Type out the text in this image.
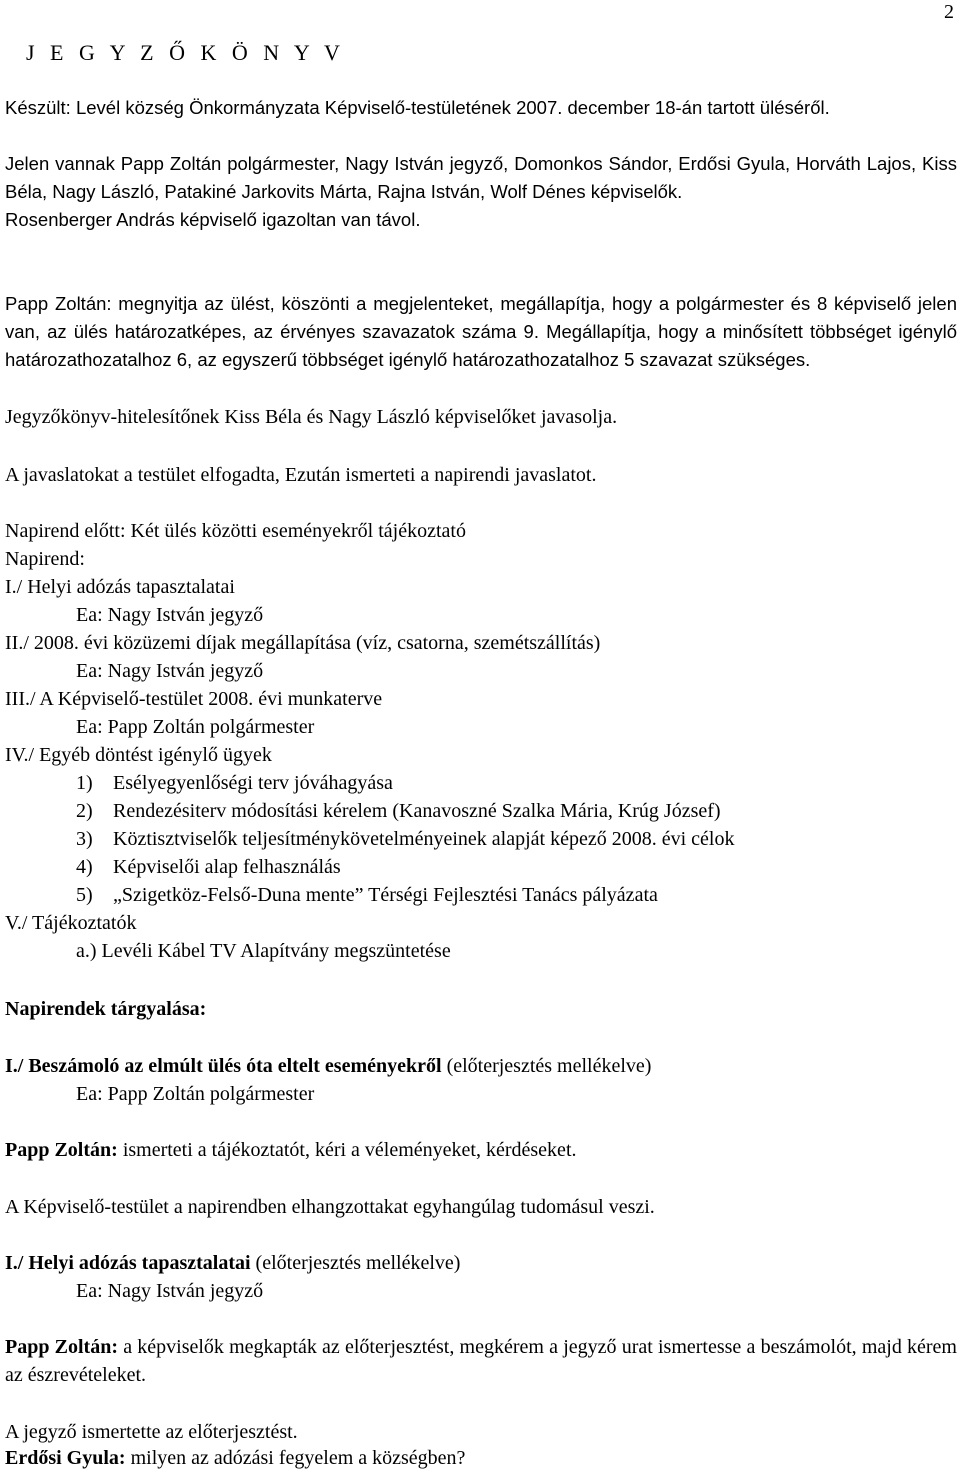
2
J E G Y Z Ő K Ö N Y V
Készült: Levél község Önkormányzata Képviselő-testületének 2007. december 18-án tartott üléséről.
Jelen vannak Papp Zoltán polgármester, Nagy István jegyző, Domonkos Sándor, Erdősi Gyula, Horváth Lajos, Kiss Béla, Nagy László, Patakiné Jarkovits Márta, Rajna István, Wolf Dénes képviselők.
Rosenberger András képviselő igazoltan van távol.
Papp Zoltán: megnyitja az ülést, köszönti a megjelenteket, megállapítja, hogy a polgármester és 8 képviselő jelen van, az ülés határozatképes, az érvényes szavazatok száma 9. Megállapítja, hogy a minősített többséget igénylő határozathozatalhoz 6, az egyszerű többséget igénylő határozathozatalhoz 5 szavazat szükséges.
Jegyzőkönyv-hitelesítőnek Kiss Béla és Nagy László képviselőket javasolja.
A javaslatokat a testület elfogadta, Ezután ismerteti a napirendi javaslatot.
Napirend előtt: Két ülés közötti eseményekről tájékoztató
Napirend:
I./ Helyi adózás tapasztalatai
Ea: Nagy István jegyző
II./ 2008. évi közüzemi díjak megállapítása (víz, csatorna, szemétszállítás)
Ea: Nagy István jegyző
III./ A Képviselő-testület 2008. évi munkaterve
Ea: Papp Zoltán polgármester
IV./ Egyéb döntést igénylő ügyek
1) Esélyegyenlőségi terv jóváhagyása
2) Rendezésiterv módosítási kérelem (Kanavoszné Szalka Mária, Krúg József)
3) Köztisztviselők teljesítménykövetelményeinek alapját képező 2008. évi célok
4) Képviselői alap felhasználás
5) „Szigetköz-Felső-Duna mente” Térségi Fejlesztési Tanács pályázata
V./ Tájékoztatók
a.) Levéli Kábel TV Alapítvány megszüntetése
Napirendek tárgyalása:
I./ Beszámoló az elmúlt ülés óta eltelt eseményekről (előterjesztés mellékelve)
Ea: Papp Zoltán polgármester
Papp Zoltán: ismerteti a tájékoztatót, kéri a véleményeket, kérdéseket.
A Képviselő-testület a napirendben elhangzottakat egyhangúlag tudomásul veszi.
I./ Helyi adózás tapasztalatai (előterjesztés mellékelve)
Ea: Nagy István jegyző
Papp Zoltán: a képviselők megkapták az előterjesztést, megkérem a jegyző urat ismertesse a beszámolót, majd kérem az észrevételeket.
A jegyző ismertette az előterjesztést.
Erdősi Gyula: milyen az adózási fegyelem a községben?
